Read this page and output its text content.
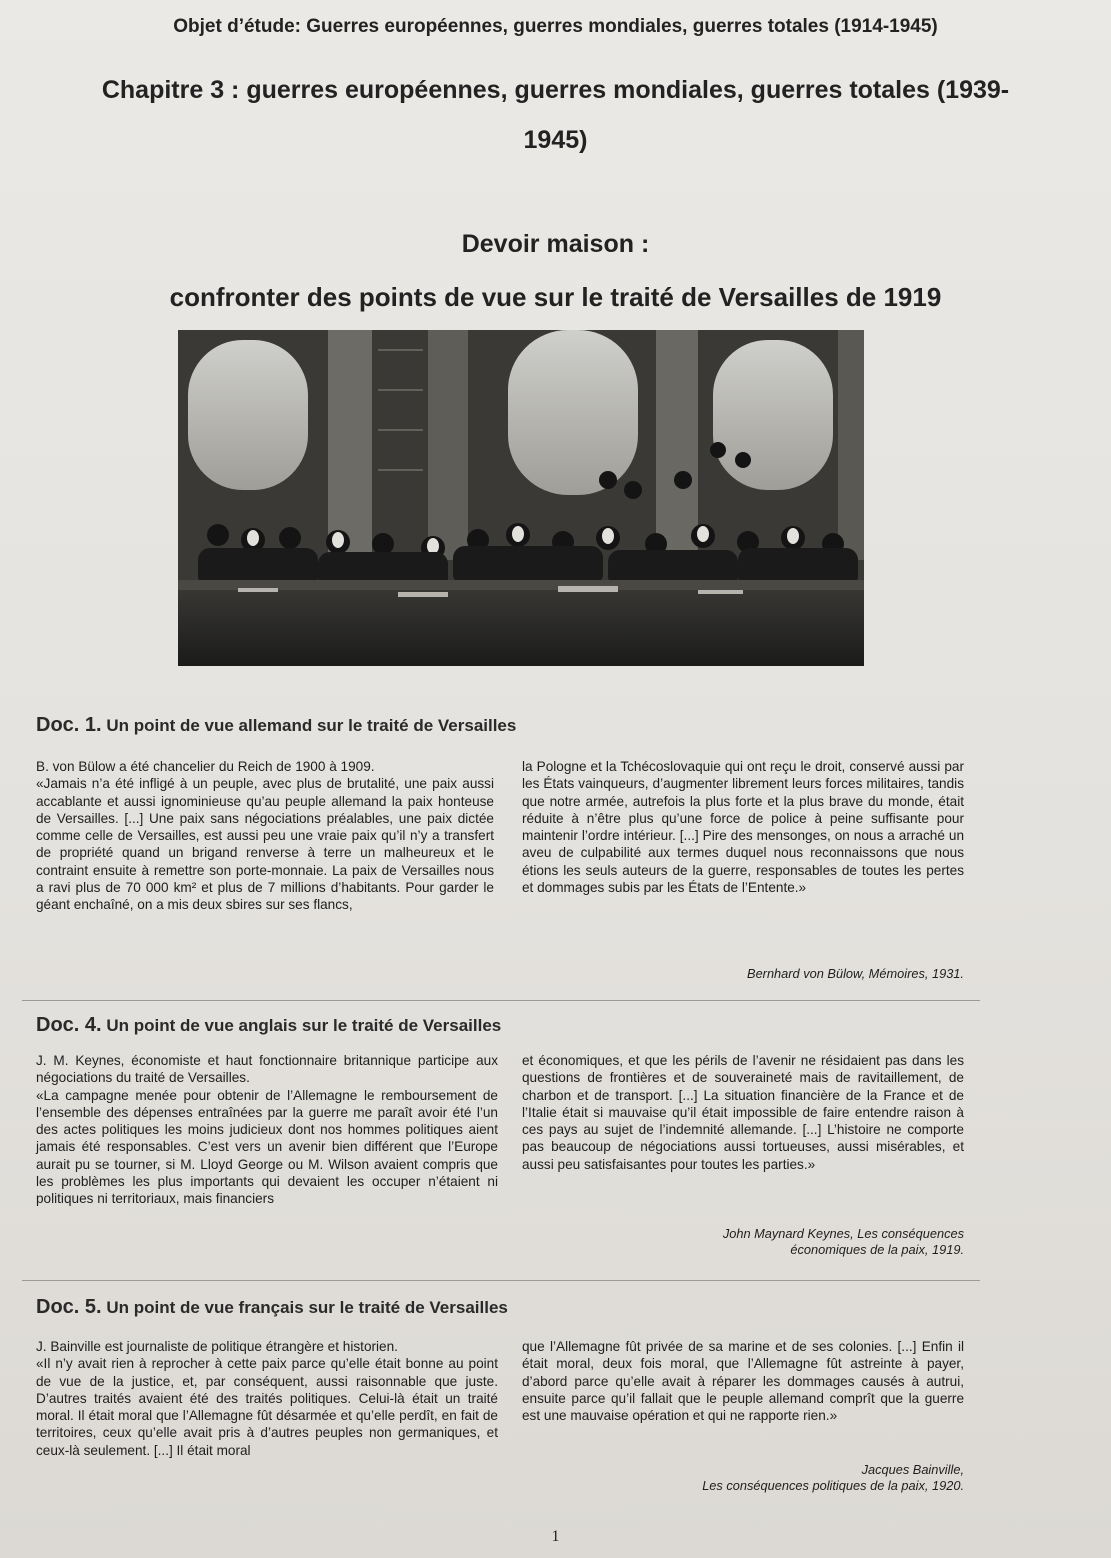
Objet d’étude: Guerres européennes, guerres mondiales, guerres totales (1914-1945)
Chapitre 3 : guerres européennes, guerres mondiales, guerres totales (1939-
1945)
Devoir maison :
confronter des points de vue sur le traité de Versailles de 1919
Doc. 1. Un point de vue allemand sur le traité de Versailles

B. von Bülow a été chancelier du Reich de 1900 à 1909.

«Jamais n’a été infligé à un peuple, avec plus de brutalité, une paix aussi accablante et aussi ignominieuse qu’au peuple allemand la paix honteuse de Versailles. [...] Une paix sans négociations préalables, une paix dictée comme celle de Versailles, est aussi peu une vraie paix qu’il n’y a transfert de propriété quand un brigand renverse à terre un malheureux et le contraint ensuite à remettre son porte-monnaie. La paix de Versailles nous a ravi plus de 70 000 km² et plus de 7 millions d’habitants. Pour garder le géant enchaîné, on a mis deux sbires sur ses flancs,

la Pologne et la Tchécoslovaquie qui ont reçu le droit, conservé aussi par les États vainqueurs, d’augmenter librement leurs forces militaires, tandis que notre armée, autrefois la plus forte et la plus brave du monde, était réduite à n’être plus qu’une force de police à peine suffisante pour maintenir l’ordre intérieur. [...] Pire des mensonges, on nous a arraché un aveu de culpabilité aux termes duquel nous reconnaissons que nous étions les seuls auteurs de la guerre, responsables de toutes les pertes et dommages subis par les États de l’Entente.»

Bernhard von Bülow, Mémoires, 1931.
Doc. 4. Un point de vue anglais sur le traité de Versailles

J. M. Keynes, économiste et haut fonctionnaire britannique participe aux négociations du traité de Versailles.

«La campagne menée pour obtenir de l’Allemagne le remboursement de l’ensemble des dépenses entraînées par la guerre me paraît avoir été l’un des actes politiques les moins judicieux dont nos hommes politiques aient jamais été responsables. C’est vers un avenir bien différent que l’Europe aurait pu se tourner, si M. Lloyd George ou M. Wilson avaient compris que les problèmes les plus importants qui devaient les occuper n’étaient ni politiques ni territoriaux, mais financiers

et économiques, et que les périls de l’avenir ne résidaient pas dans les questions de frontières et de souveraineté mais de ravitaillement, de charbon et de transport. [...] La situation financière de la France et de l’Italie était si mauvaise qu’il était impossible de faire entendre raison à ces pays au sujet de l’indemnité allemande. [...] L’histoire ne comporte pas beaucoup de négociations aussi tortueuses, aussi misérables, et aussi peu satisfaisantes pour toutes les parties.»

John Maynard Keynes, Les conséquences
économiques de la paix, 1919.
Doc. 5. Un point de vue français sur le traité de Versailles

J. Bainville est journaliste de politique étrangère et historien.

«Il n’y avait rien à reprocher à cette paix parce qu’elle était bonne au point de vue de la justice, et, par conséquent, aussi raisonnable que juste. D’autres traités avaient été des traités politiques. Celui-là était un traité moral. Il était moral que l’Allemagne fût désarmée et qu’elle perdît, en fait de territoires, ceux qu’elle avait pris à d’autres peuples non germaniques, et ceux-là seulement. [...] Il était moral

que l’Allemagne fût privée de sa marine et de ses colonies. [...] Enfin il était moral, deux fois moral, que l’Allemagne fût astreinte à payer, d’abord parce qu’elle avait à réparer les dommages causés à autrui, ensuite parce qu’il fallait que le peuple allemand comprît que la guerre est une mauvaise opération et qui ne rapporte rien.»

Jacques Bainville,
Les conséquences politiques de la paix, 1920.
1
